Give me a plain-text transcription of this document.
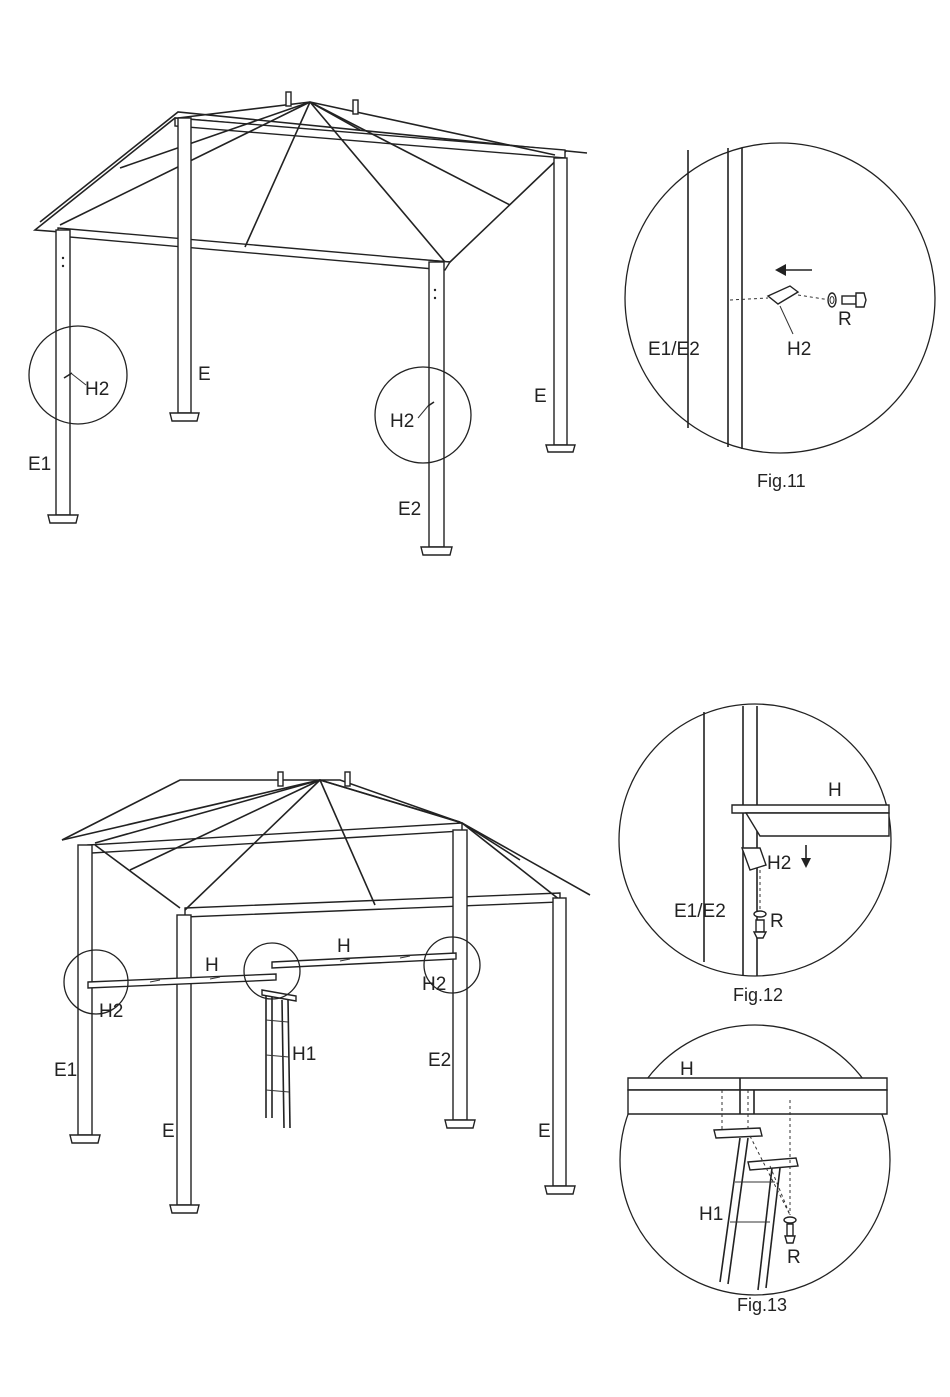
H2
E
E1
H2
E
E2
E1/E2	H2
R
Fig.11
H
H
H2
H2
H1
E1	E2
E	E
H
H2
E1/E2 R
Fig.12
H
H1
R
Fig.13
